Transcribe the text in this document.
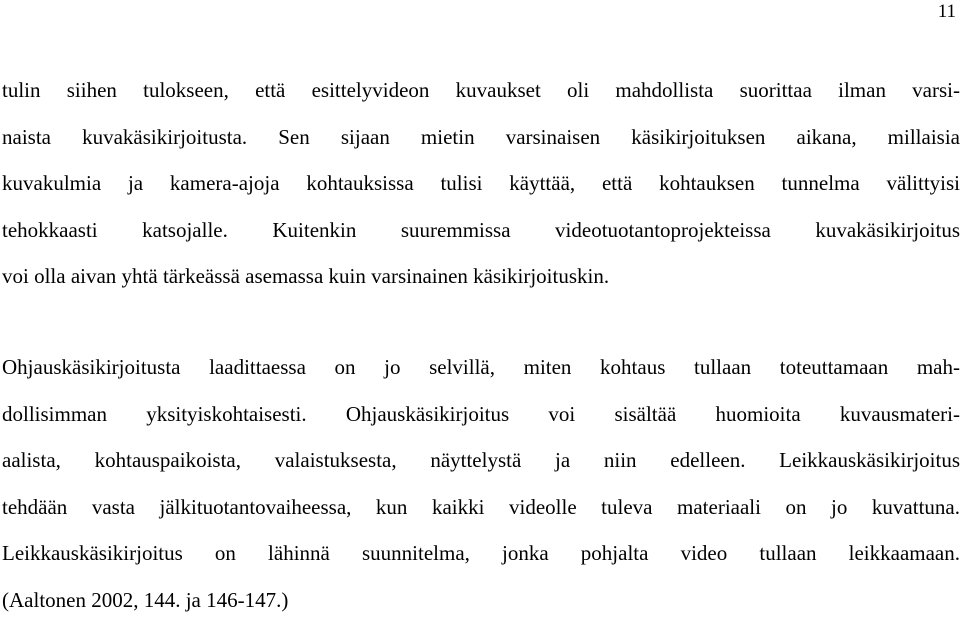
11
tulin siihen tulokseen, että esittelyvideon kuvaukset oli mahdollista suorittaa ilman varsi-
naista kuvakäsikirjoitusta. Sen sijaan mietin varsinaisen käsikirjoituksen aikana, millaisia
kuvakulmia ja kamera-ajoja kohtauksissa tulisi käyttää, että kohtauksen tunnelma välittyisi
tehokkaasti katsojalle. Kuitenkin suuremmissa videotuotantoprojekteissa kuvakäsikirjoitus
voi olla aivan yhtä tärkeässä asemassa kuin varsinainen käsikirjoituskin.
Ohjauskäsikirjoitusta laadittaessa on jo selvillä, miten kohtaus tullaan toteuttamaan mah-
dollisimman yksityiskohtaisesti. Ohjauskäsikirjoitus voi sisältää huomioita kuvausmateri-
aalista, kohtauspaikoista, valaistuksesta, näyttelystä ja niin edelleen. Leikkauskäsikirjoitus
tehdään vasta jälkituotantovaiheessa, kun kaikki videolle tuleva materiaali on jo kuvattuna.
Leikkauskäsikirjoitus on lähinnä suunnitelma, jonka pohjalta video tullaan leikkaamaan.
(Aaltonen 2002, 144. ja 146-147.)
